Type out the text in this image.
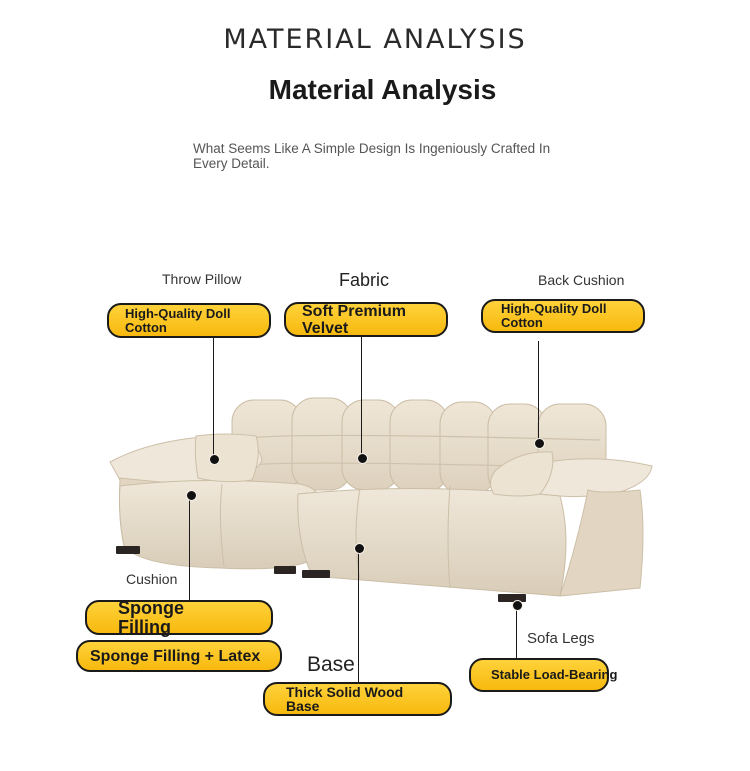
MATERIAL ANALYSIS
Material Analysis
What Seems Like A Simple Design Is Ingeniously Crafted In Every Detail.
Throw Pillow
High-Quality Doll Cotton
Fabric
Soft Premium Velvet
Back Cushion
High-Quality Doll Cotton
Cushion
Sponge Filling
Sponge Filling + Latex Base
Thick Solid Wood Base
Sofa Legs
Stable Load-Bearing
